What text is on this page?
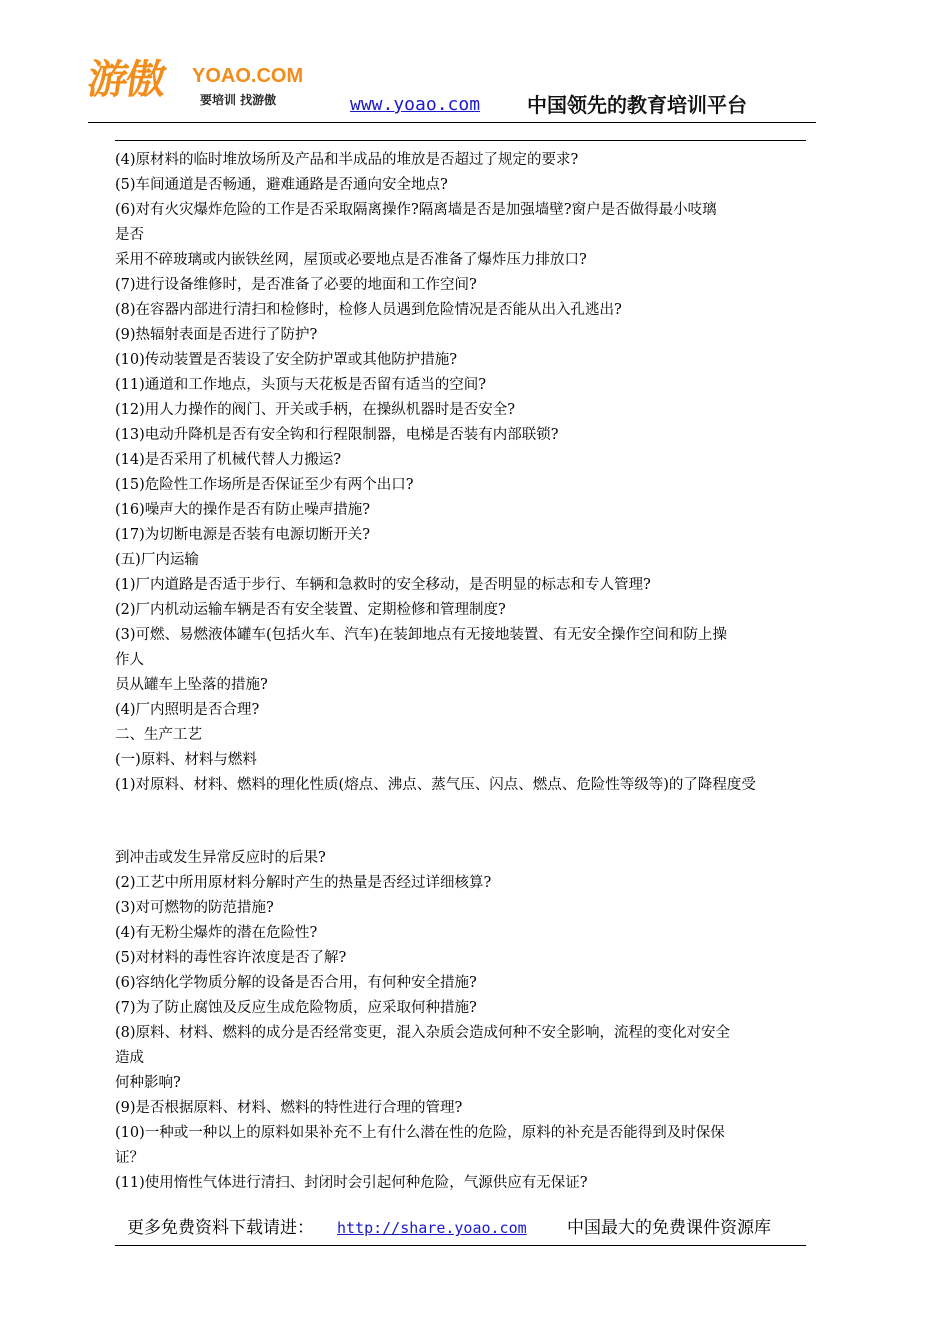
游傲 YOAO.COM
要培训 找游傲	www.yoao.com 中国领先的教育培训平台
(4)原材料的临时堆放场所及产品和半成品的堆放是否超过了规定的要求?
(5)车间通道是否畅通，避难通路是否通向安全地点?
(6)对有火灾爆炸危险的工作是否采取隔离操作?隔离墙是否是加强墙壁?窗户是否做得最小吱璃
是否
采用不碎玻璃或内嵌铁丝网，屋顶或必要地点是否准备了爆炸压力排放口?
(7)进行设备维修时，是否准备了必要的地面和工作空间?
(8)在容器内部进行清扫和检修时，检修人员遇到危险情况是否能从出入孔逃出?
(9)热辐射表面是否进行了防护?
(10)传动装置是否装设了安全防护罩或其他防护措施?
(11)通道和工作地点，头顶与天花板是否留有适当的空间?
(12)用人力操作的阀门、开关或手柄，在操纵机器时是否安全?
(13)电动升降机是否有安全钩和行程限制器，电梯是否装有内部联锁?
(14)是否采用了机械代替人力搬运?
(15)危险性工作场所是否保证至少有两个出口?
(16)噪声大的操作是否有防止噪声措施?
(17)为切断电源是否装有电源切断开关?
(五)厂内运输
(1)厂内道路是否适于步行、车辆和急救时的安全移动，是否明显的标志和专人管理?
(2)厂内机动运输车辆是否有安全装置、定期检修和管理制度?
(3)可燃、易燃液体罐车(包括火车、汽车)在装卸地点有无接地装置、有无安全操作空间和防上操
作人
员从罐车上坠落的措施?
(4)厂内照明是否合理?
二、生产工艺
(一)原料、材料与燃料
(1)对原料、材料、燃料的理化性质(熔点、沸点、蒸气压、闪点、燃点、危险性等级等)的了降程度受
到冲击或发生异常反应时的后果?
(2)工艺中所用原材料分解时产生的热量是否经过详细核算?
(3)对可燃物的防范措施?
(4)有无粉尘爆炸的潜在危险性?
(5)对材料的毒性容许浓度是否了解?
(6)容纳化学物质分解的设备是否合用，有何种安全措施?
(7)为了防止腐蚀及反应生成危险物质，应采取何种措施?
(8)原料、材料、燃料的成分是否经常变更，混入杂质会造成何种不安全影响，流程的变化对安全
造成
何种影响?
(9)是否根据原料、材料、燃料的特性进行合理的管理?
(10)一种或一种以上的原料如果补充不上有什么潜在性的危险，原料的补充是否能得到及时保保
证？
(11)使用惰性气体进行清扫、封闭时会引起何种危险，气源供应有无保证?
更多免费资料下载请进： http://share.yoao.com 中国最大的免费课件资源库
